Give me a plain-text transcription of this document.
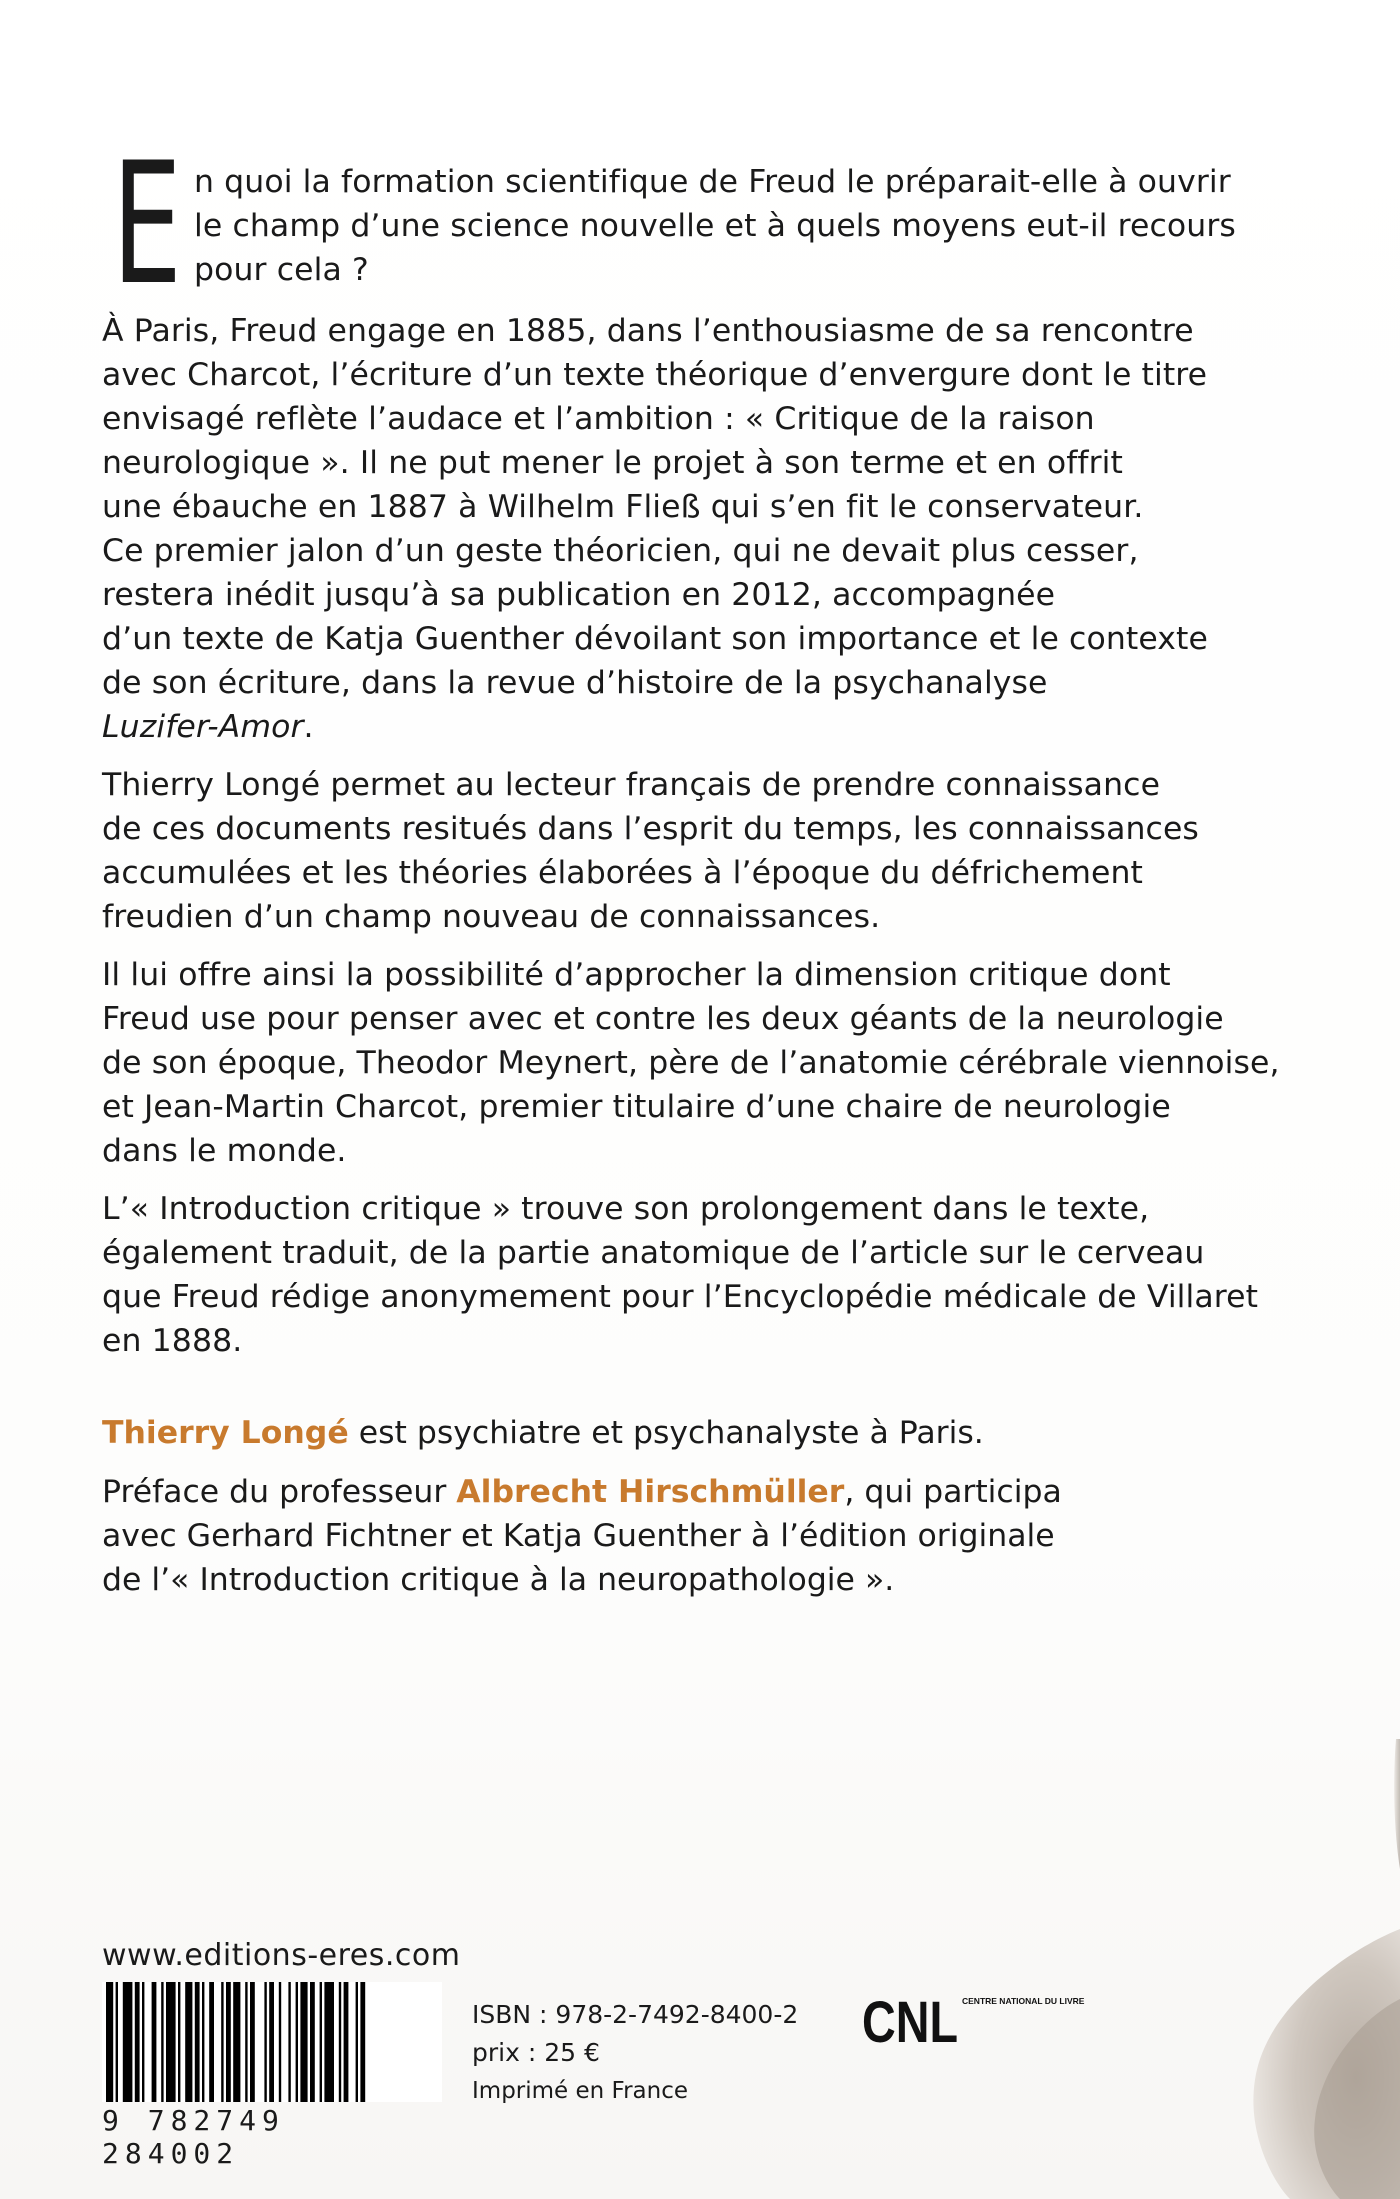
E n quoi la formation scientifique de Freud le préparait-elle à ouvrir
le champ d’une science nouvelle et à quels moyens eut-il recours
pour cela ?
À Paris, Freud engage en 1885, dans l’enthousiasme de sa rencontre
avec Charcot, l’écriture d’un texte théorique d’envergure dont le titre
envisagé reflète l’audace et l’ambition : « Critique de la raison
neurologique ». Il ne put mener le projet à son terme et en offrit
une ébauche en 1887 à Wilhelm Fließ qui s’en fit le conservateur.
Ce premier jalon d’un geste théoricien, qui ne devait plus cesser,
restera inédit jusqu’à sa publication en 2012, accompagnée
d’un texte de Katja Guenther dévoilant son importance et le contexte
de son écriture, dans la revue d’histoire de la psychanalyse
Luzifer-Amor.
Thierry Longé permet au lecteur français de prendre connaissance
de ces documents resitués dans l’esprit du temps, les connaissances
accumulées et les théories élaborées à l’époque du défrichement
freudien d’un champ nouveau de connaissances.
Il lui offre ainsi la possibilité d’approcher la dimension critique dont
Freud use pour penser avec et contre les deux géants de la neurologie
de son époque, Theodor Meynert, père de l’anatomie cérébrale viennoise,
et Jean-Martin Charcot, premier titulaire d’une chaire de neurologie
dans le monde.
L’« Introduction critique » trouve son prolongement dans le texte,
également traduit, de la partie anatomique de l’article sur le cerveau
que Freud rédige anonymement pour l’Encyclopédie médicale de Villaret
en 1888.
Thierry Longé est psychiatre et psychanalyste à Paris.
Préface du professeur Albrecht Hirschmüller, qui participa
avec Gerhard Fichtner et Katja Guenther à l’édition originale
de l’« Introduction critique à la neuropathologie ».
www.editions-eres.com
9 782749 284002
ISBN : 978-2-7492-8400-2
prix : 25 €
Imprimé en France
CNL CENTRE NATIONAL DU LIVRE
